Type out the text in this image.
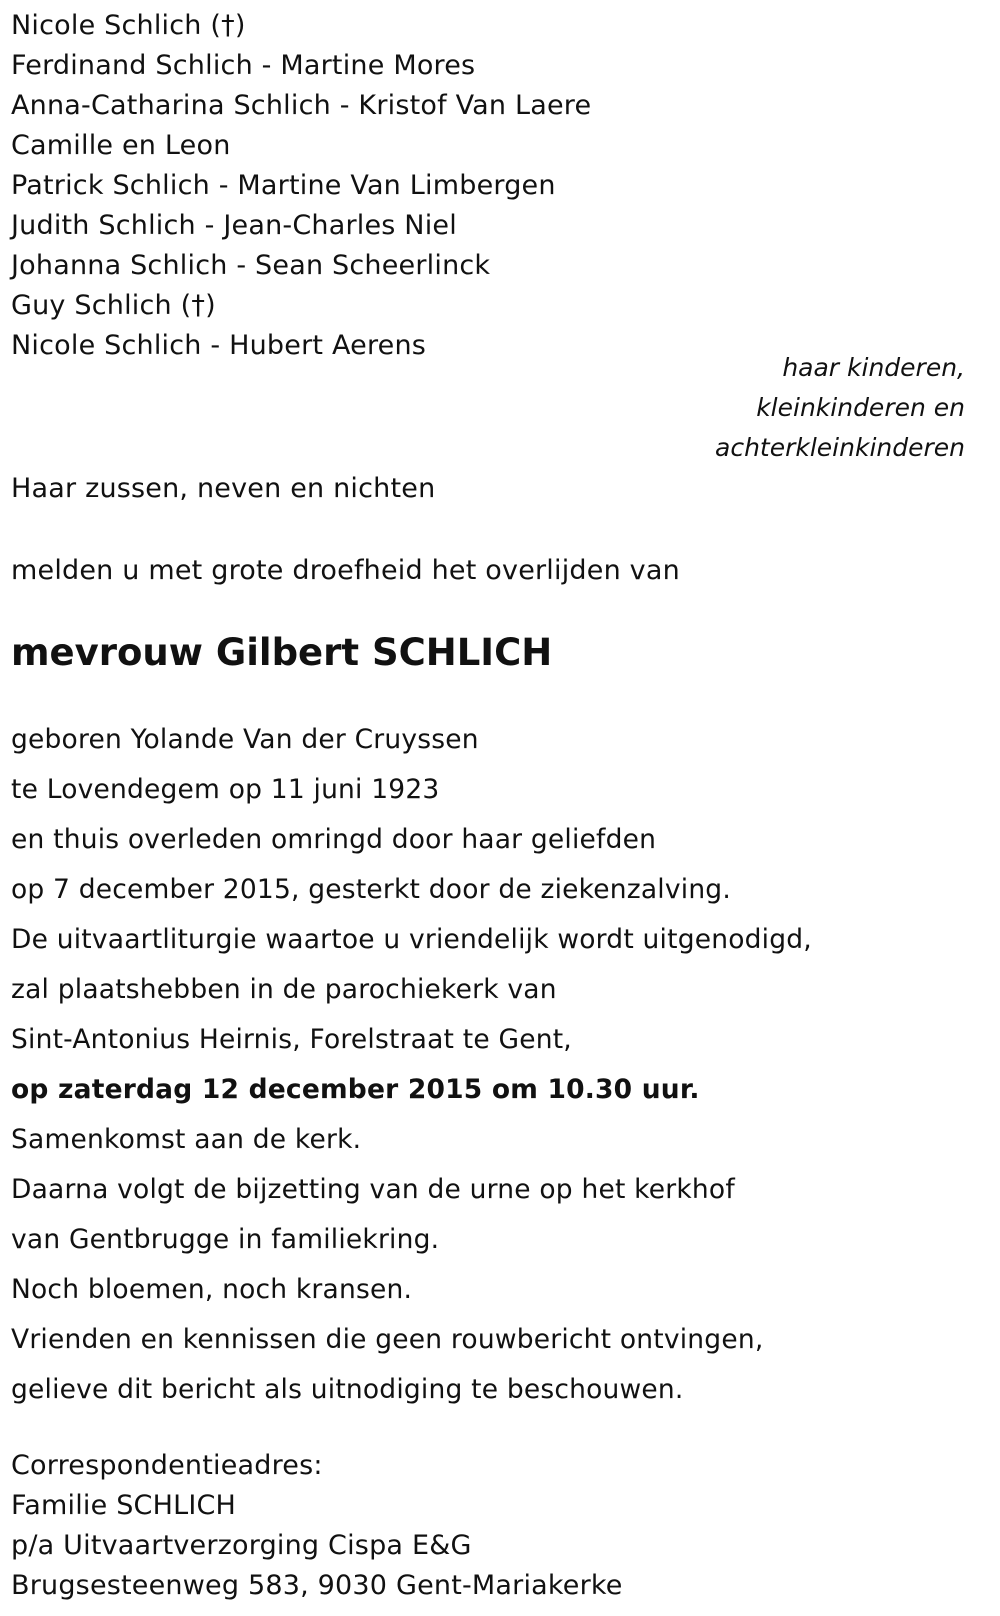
Nicole Schlich (†)
Ferdinand Schlich - Martine Mores
Anna-Catharina Schlich - Kristof Van Laere
Camille en Leon
Patrick Schlich - Martine Van Limbergen
Judith Schlich - Jean-Charles Niel
Johanna Schlich - Sean Scheerlinck
Guy Schlich (†)
Nicole Schlich - Hubert Aerens
haar kinderen,
kleinkinderen en
achterkleinkinderen
Haar zussen, neven en nichten
melden u met grote droefheid het overlijden van
mevrouw Gilbert SCHLICH
geboren Yolande Van der Cruyssen
te Lovendegem op 11 juni 1923
en thuis overleden omringd door haar geliefden
op 7 december 2015, gesterkt door de ziekenzalving.
De uitvaartliturgie waartoe u vriendelijk wordt uitgenodigd,
zal plaatshebben in de parochiekerk van
Sint-Antonius Heirnis, Forelstraat te Gent,
op zaterdag 12 december 2015 om 10.30 uur.
Samenkomst aan de kerk.
Daarna volgt de bijzetting van de urne op het kerkhof
van Gentbrugge in familiekring.
Noch bloemen, noch kransen.
Vrienden en kennissen die geen rouwbericht ontvingen,
gelieve dit bericht als uitnodiging te beschouwen.
Correspondentieadres:
Familie SCHLICH
p/a Uitvaartverzorging Cispa E&G
Brugsesteenweg 583, 9030 Gent-Mariakerke
